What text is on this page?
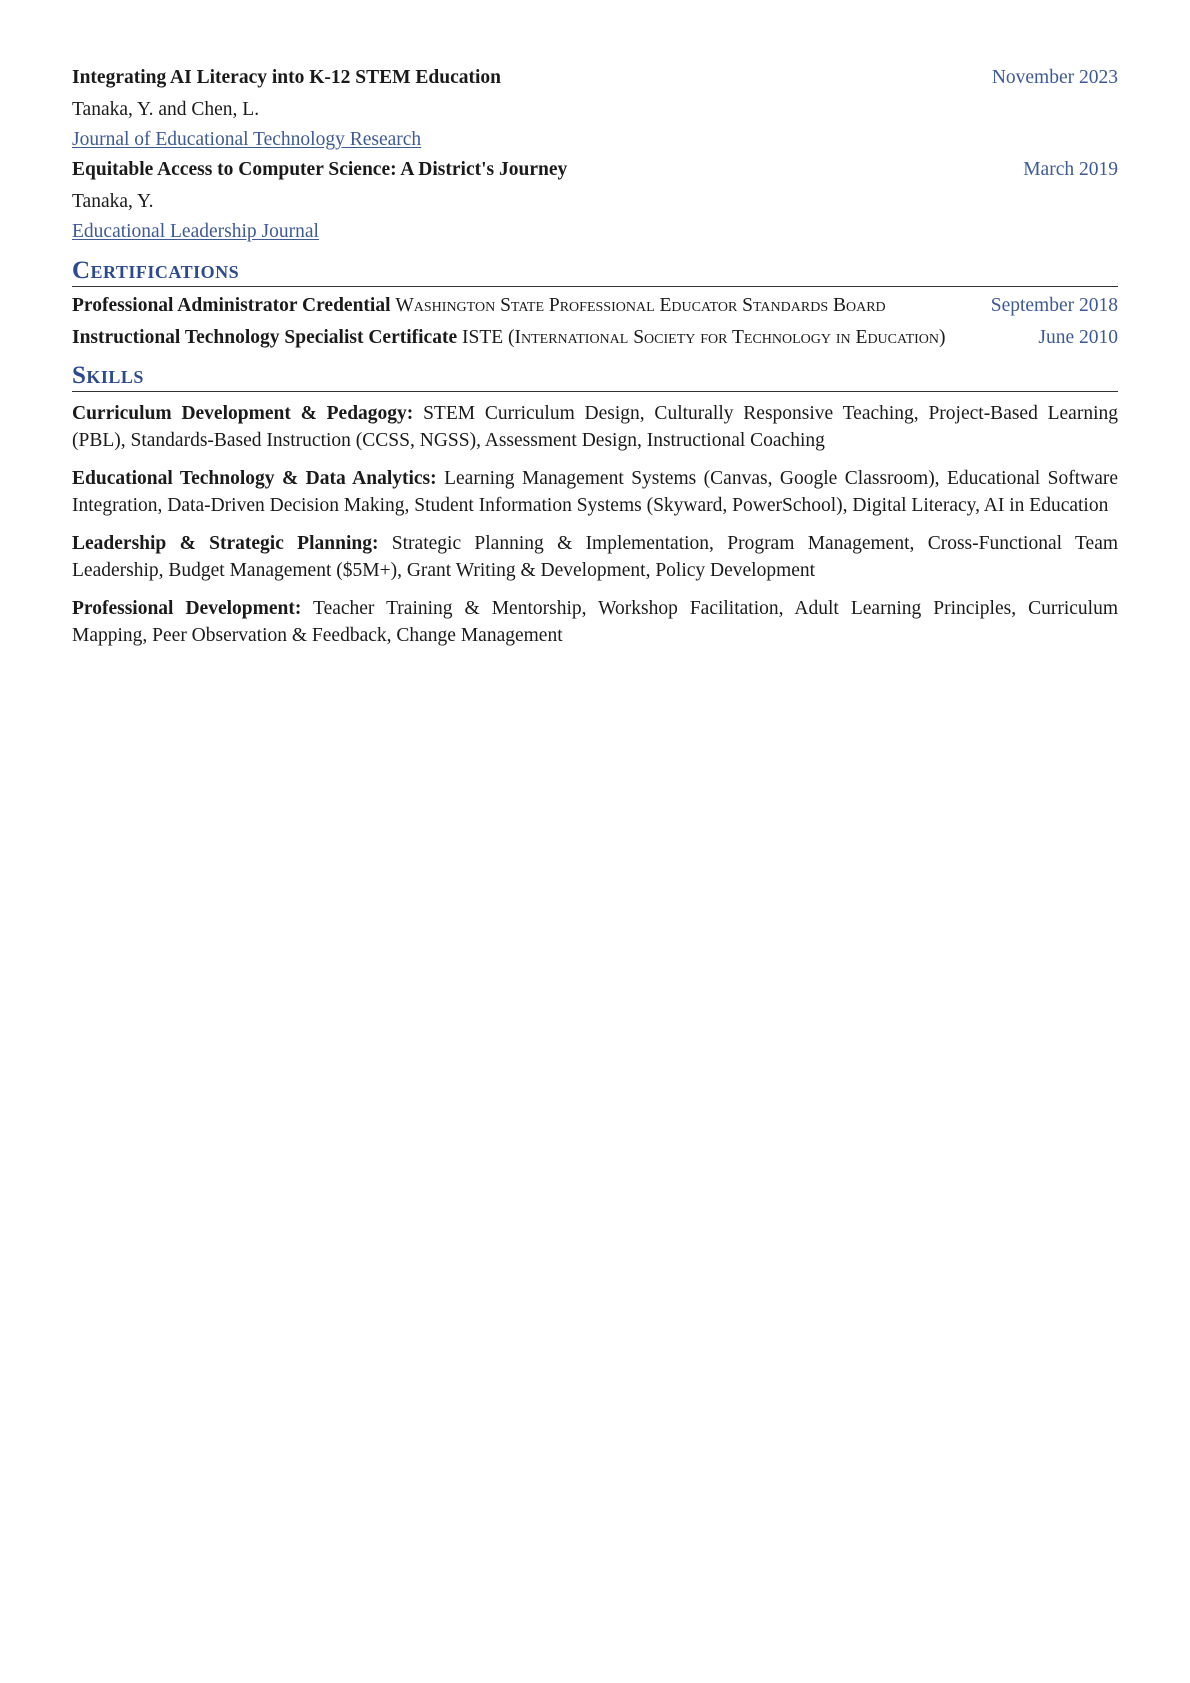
Integrating AI Literacy into K-12 STEM Education	November 2023
Tanaka, Y. and Chen, L.
Journal of Educational Technology Research
Equitable Access to Computer Science: A District's Journey	March 2019
Tanaka, Y.
Educational Leadership Journal
Certifications
Professional Administrator Credential Washington State Professional Educator Standards Board	September 2018
Instructional Technology Specialist Certificate ISTE (International Society for Technology in Education)	June 2010
Skills
Curriculum Development & Pedagogy: STEM Curriculum Design, Culturally Responsive Teaching, Project-Based Learning (PBL), Standards-Based Instruction (CCSS, NGSS), Assessment Design, Instructional Coaching
Educational Technology & Data Analytics: Learning Management Systems (Canvas, Google Classroom), Educational Software Integration, Data-Driven Decision Making, Student Information Systems (Skyward, PowerSchool), Digital Literacy, AI in Education
Leadership & Strategic Planning: Strategic Planning & Implementation, Program Management, Cross-Functional Team Leadership, Budget Management ($5M+), Grant Writing & Development, Policy Development
Professional Development: Teacher Training & Mentorship, Workshop Facilitation, Adult Learning Principles, Curriculum Mapping, Peer Observation & Feedback, Change Management
